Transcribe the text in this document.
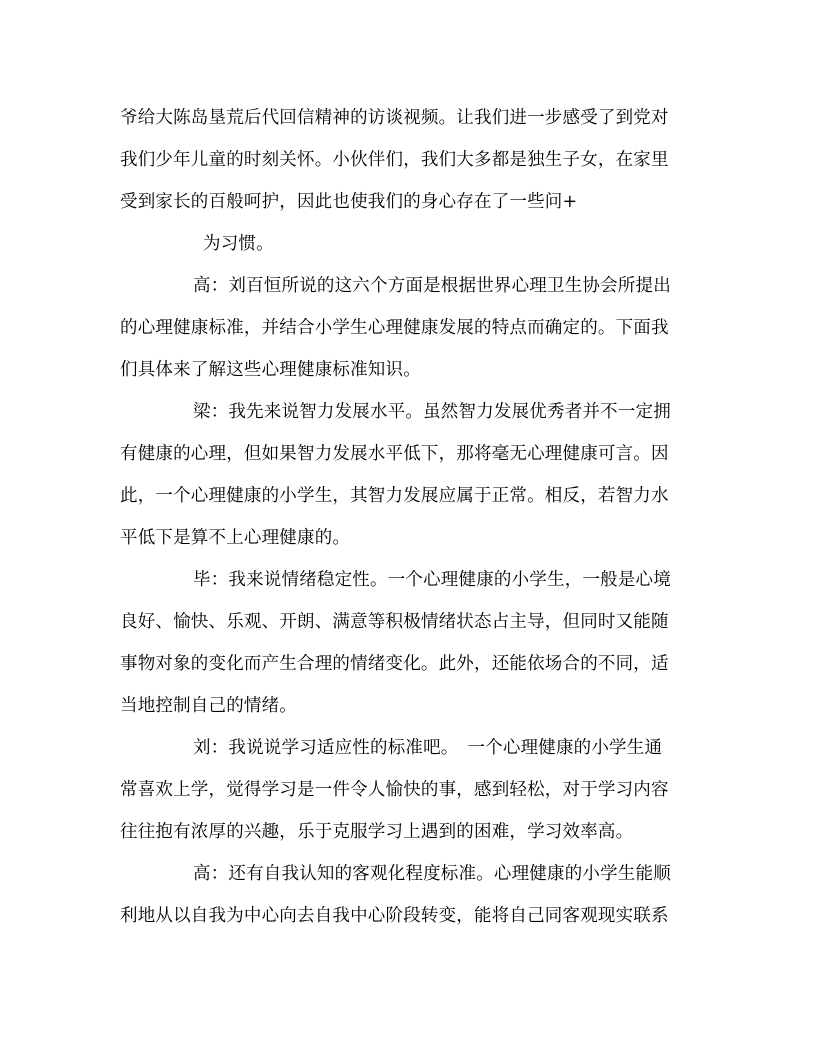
爷给大陈岛垦荒后代回信精神的访谈视频。让我们进一步感受了到党对
我们少年儿童的时刻关怀。小伙伴们，我们大多都是独生子女，在家里
受到家长的百般呵护，因此也使我们的身心存在了一些问+
为习惯。
高：刘百恒所说的这六个方面是根据世界心理卫生协会所提出
的心理健康标准，并结合小学生心理健康发展的特点而确定的。下面我
们具体来了解这些心理健康标准知识。
梁：我先来说智力发展水平。虽然智力发展优秀者并不一定拥
有健康的心理，但如果智力发展水平低下，那将毫无心理健康可言。因
此，一个心理健康的小学生，其智力发展应属于正常。相反，若智力水
平低下是算不上心理健康的。
毕：我来说情绪稳定性。一个心理健康的小学生，一般是心境
良好、愉快、乐观、开朗、满意等积极情绪状态占主导，但同时又能随
事物对象的变化而产生合理的情绪变化。此外，还能依场合的不同，适
当地控制自己的情绪。
刘：我说说学习适应性的标准吧。　一个心理健康的小学生通
常喜欢上学，觉得学习是一件令人愉快的事，感到轻松，对于学习内容
往往抱有浓厚的兴趣，乐于克服学习上遇到的困难，学习效率高。
高：还有自我认知的客观化程度标准。心理健康的小学生能顺
利地从以自我为中心向去自我中心阶段转变，能将自己同客观现实联系
